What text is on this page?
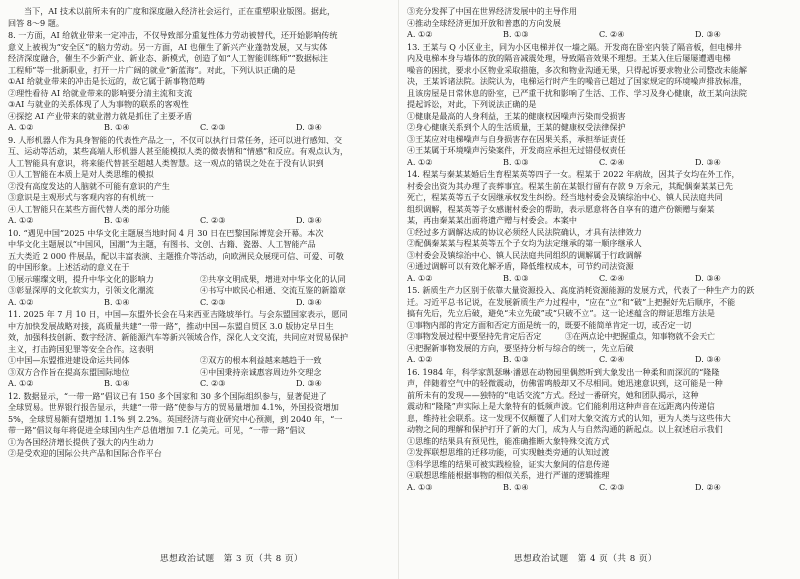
当下，AI 技术以前所未有的广度和深度融入经济社会运行，正在重塑职业版图。据此，

回答 8～9 题。

8. 一方面，AI 给就业带来一定冲击，不仅导致部分重复性体力劳动被替代，还开始影响传统

意义上被视为“安全区”的脑力劳动。另一方面，AI 也催生了新兴产业蓬勃发展，又与实体

经济深度融合，催生不少新产业、新业态、新模式，创造了如“人工智能训练师”“数据标注

工程师”等一批新职业，打开一片广阔的就业“新蓝海”。对此，下列认识正确的是

①AI 给就业带来的冲击是长远的，故它属于新事物范畴

②理性看待 AI 给就业带来的影响要分清主流和支流

③AI 与就业的关系体现了人为事物的联系的客观性

④探挖 AI 产业带来的就业潜力就是抓住了主要矛盾

A. ①②	B. ①④	C. ②③	D. ③④

9. 人形机器人作为具身智能的代表性产品之一，不仅可以执行日常任务，还可以进行感知、交

互、运动等活动，某些高端人形机器人甚至能模拟人类的微表情和“情感”和反应。有观点认为，

人工智能具有意识，将来能代替甚至超越人类智慧。这一观点的错误之处在于没有认识到

①人工智能在本质上是对人类思维的模拟

②没有高度发达的人脑就不可能有意识的产生

③意识是主观形式与客观内容的有机统一

④人工智能只在某些方面代替人类的部分功能

A. ①②	B. ①④	C. ②③	D. ③④

10. “遇见中国”2025 中华文化主题展当地时间 4 月 30 日在巴黎国际博览会开幕。本次

中华文化主题展以“中国风，国潮”为主题，有图书、文创、古籍、瓷器、人工智能产品

五大类近 2 000 件展品，配以丰富表演、主题推介等活动，向欧洲民众展现可信、可爱、可敬

的中国形象。上述活动的意义在于

①展示璀璨文明，提升中华文化的影响力	②共享文明成果，增进对中华文化的认同
③彰显深厚的文化软实力，引领文化潮流	④书写中欧民心相通、交流互鉴的新篇章
A. ①②	B. ①④	C. ②③	D. ③④

11. 2025 年 7 月 10 日，中国—东盟外长会在马来西亚吉隆坡举行。与会东盟国家表示，愿同

中方加快发展战略对接，高质量共建“一带一路”，推动中国—东盟自贸区 3.0 版协定早日生

效，加强科技创新、数字经济、新能源汽车等新兴领域合作，深化人文交流，共同应对贸易保护

主义，打击跨国犯罪等安全合作。这表明

①中国—东盟推进建设命运共同体	②双方的根本利益越来越趋于一致
③双方合作旨在提高东盟国际地位	④中国秉持亲诚惠容周边外交理念
A. ①②	B. ①④	C. ②③	D. ③④

12. 数据显示，“一带一路”倡议已有 150 多个国家和 30 多个国际组织参与，显著促进了

全球贸易。世界银行报告显示，共建“一带一路”使参与方的贸易量增加 4.1%，外国投资增加

5%，全球贸易额有望增加 1.1% 到 2.2%。英国经济与商业研究中心预测，到 2040 年，“一

带一路”倡议每年将促进全球国内生产总值增加 7.1 亿美元。可见，“一带一路”倡议

①为各国经济增长提供了强大的内生动力

②是受欢迎的国际公共产品和国际合作平台

思想政治试题　第 3 页（共 8 页）

③充分发挥了中国在世界经济发展中的主导作用

④推动全球经济更加开放和普惠的方向发展

A. ①②	B. ①③	C. ②④	D. ③④

13. 王某与 Q 小区业主，同为小区电梯并仅一墙之隔。开发商在卧室内装了隔音板，但电梯井

内及电梯本身与墙体的放的隔音减震处理，导致隔音效果不理想。王某入住后屡屡遭遇电梯

噪音的困扰，要求小区物业采取措施，多次和物业沟通无果，只得起诉要求物业公司整改未能解

决，王某诉诸法院。法院认为，电梯运行时产生的噪音已超过了国家规定的环境噪声排放标准，

且该房屋是日常休息的卧室，已严重干扰和影响了生活、工作、学习及身心健康，故王某向法院

提起诉讼，对此，下列说法正确的是

①健康是最高的人身利益，王某的健康权因噪声污染而受损害

②身心健康关系到个人的生活质量，王某的健康权受法律保护

③王某应对电梯噪声与自身损害存在因果关系，承担举证责任

④王某属于环境噪声污染案件，开发商应承担无过错侵权责任

A. ①②	B. ①③	C. ②④	D. ③④

14. 程某与秦某某婚后生育程某英等四子一女。程某于 2022 年病故，因其子女均在外工作，

村委会出资为其办理了丧葬事宜。程某生前在某银行留有存款 9 万余元，其配偶秦某某已先

死亡，程某英等五子女因继承权发生纠纷。经当地村委会及镇综治中心、镇人民法庭共同

组织调解，程某英等子女感谢村委会的帮助，表示愿意将各自享有的遗产份额赠与秦某

某，再由秦某某出面将遗产赠与村委会。本案中

①经过多方调解达成的协议必须经人民法院确认，才具有法律效力

②配偶秦某某与程某英等五个子女均为法定继承的第一顺序继承人

③村委会及镇综治中心、镇人民法庭共同组织的调解属于行政调解

④通过调解可以有效化解矛盾，降低维权成本，可节约司法资源

A. ①②	B. ①③	C. ②④	D. ③④

15. 新质生产力区别于依靠大量资源投入、高度消耗资源能源的发展方式，代表了一种生产力的跃

迁。习近平总书记说，在发展新质生产力过程中，“应在“立”和“破”上把握好先后顺序，不能

搞有先后，先立后破，避免“未立先破”或“只破不立”。这一论述蕴含的辩证思维方法是

①事物内部的肯定方面和否定方面是统一的，既要不能简单肯定一切，或否定一切

②事物发展过程中要坚持先肯定后否定　　　③在两点论中把握重点，知事物就不会天亡

④把握新事物发展的方向，要坚持分析与综合的统一，先立后破

A. ①②	B. ①③	C. ②④	D. ③④

16. 1984 年，科学家凯瑟琳·潘恩在动物园里偶然听到大象发出一种柔和而深沉的“隆隆

声，伴随着空气中的轻微震动，仿佛雷鸣般却又不尽相同。她迅速意识到，这可能是一种

前所未有的发现——独特的“电话交流”方式。经过一番研究，她和团队揭示，这种

震动和“隆隆”声实际上是大象特有的低频声波。它们能利用这种声音在远距离内传递信

息，维持社会联系。这一发现不仅颠覆了人们对大象交流方式的认知，更为人类与这些伟大

动物之间的理解和保护打开了新的大门，成为人与自然沟通的新起点。以上叙述启示我们

①思维的结果具有预见性，能准确推断大象特殊交流方式

②发挥联想思维的迁移功能，可实现触类旁通的认知过渡

③科学思维的结果可被实践检验，证实大象间的信息传递

④联想思维能根据事物的相似关系，进行严谨的逻辑推理

A. ①③	B. ①④	C. ②③	D. ②④
思想政治试题　第 4 页（共 8 页）
